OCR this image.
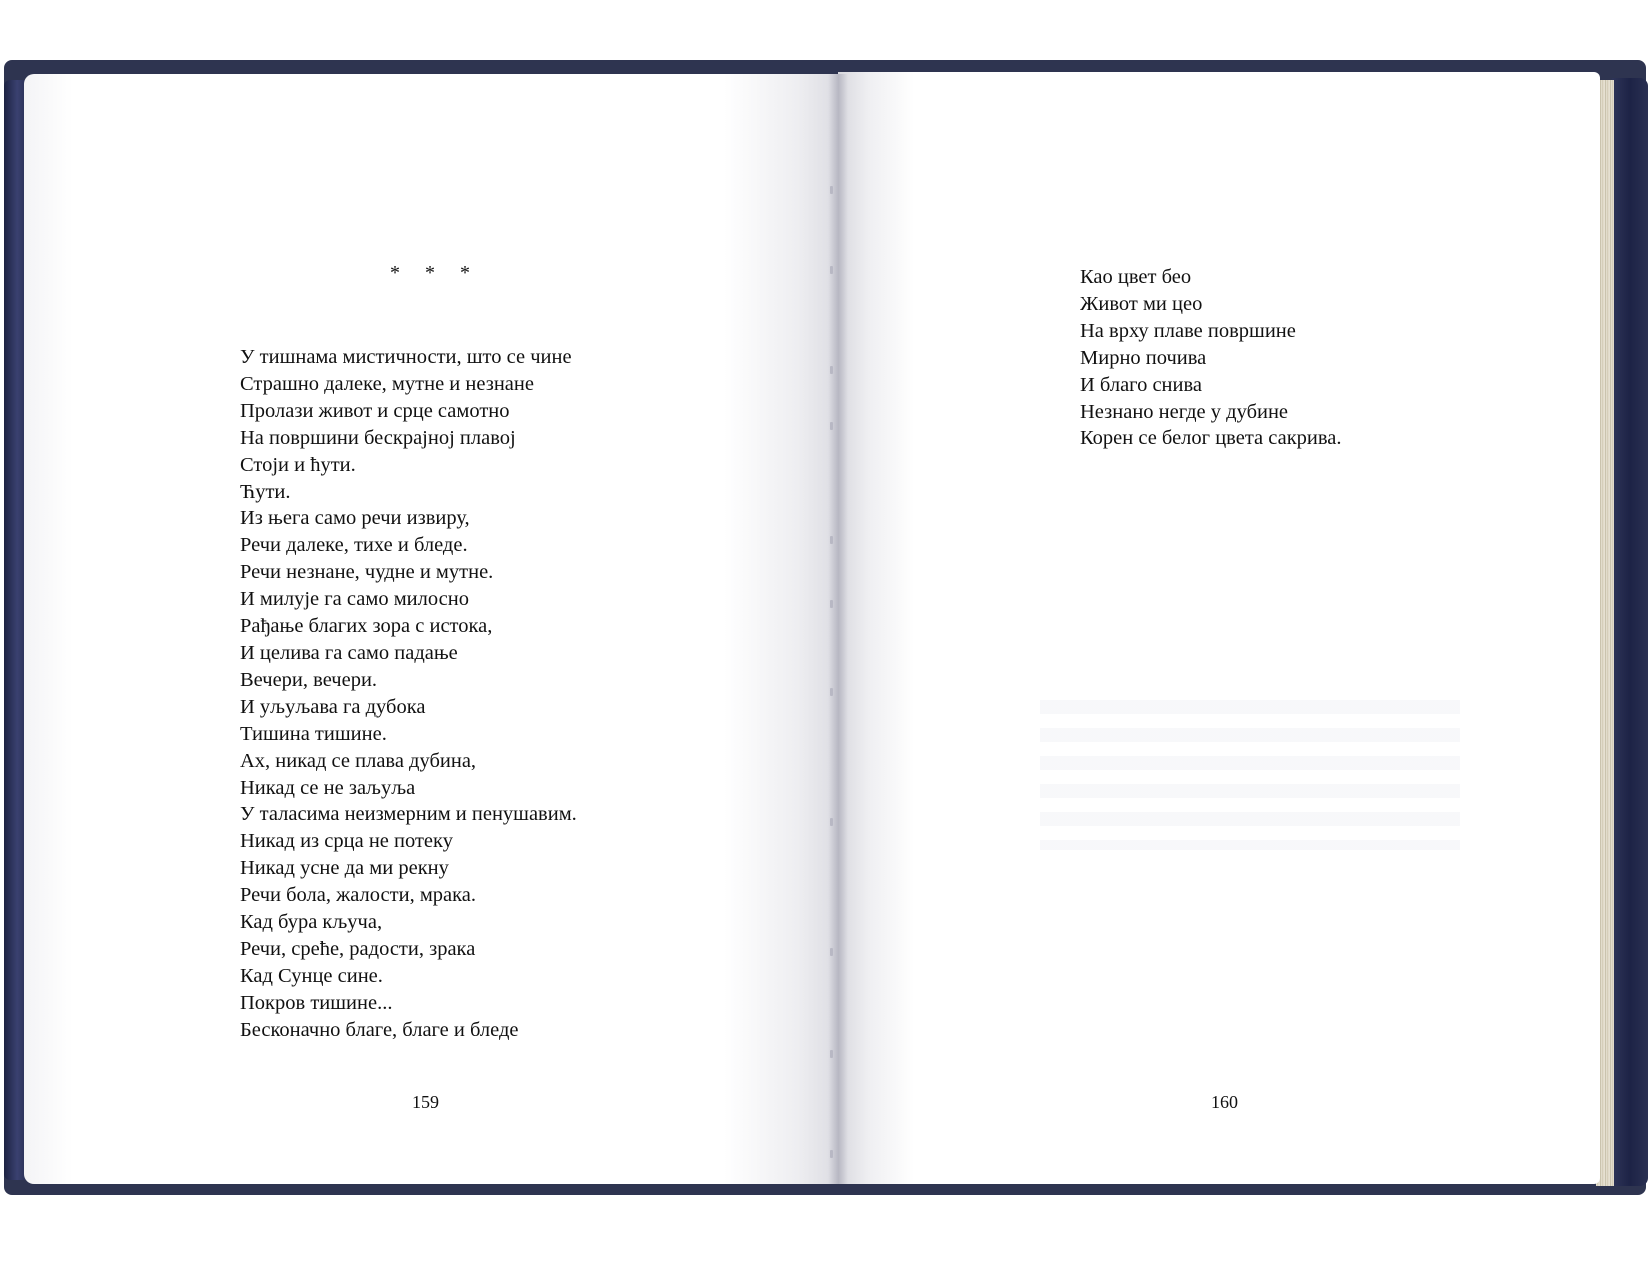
* * *
У тишнама мистичности, што се чине
Страшно далеке, мутне и незнане
Пролази живот и срце самотно
На површини бескрајној плавој
Стоји и ћути.
Ћути.
Из њега само речи извиру,
Речи далеке, тихе и бледе.
Речи незнане, чудне и мутне.
И милује га само милосно
Рађање благих зора с истока,
И целива га само падање
Вечери, вечери.
И уљуљава га дубока
Тишина тишине.
Ах, никад се плава дубина,
Никад се не заљуља
У таласима неизмерним и пенушавим.
Никад из срца не потеку
Никад усне да ми рекну
Речи бола, жалости, мрака.
Кад бура кључа,
Речи, среће, радости, зрака
Кад Сунце сине.
Покров тишине...
Бесконачно благе, благе и бледе
Као цвет бео
Живот ми цео
На врху плаве површине
Мирно почива
И благо снива
Незнано негде у дубине
Корен се белог цвета сакрива.
159	160
